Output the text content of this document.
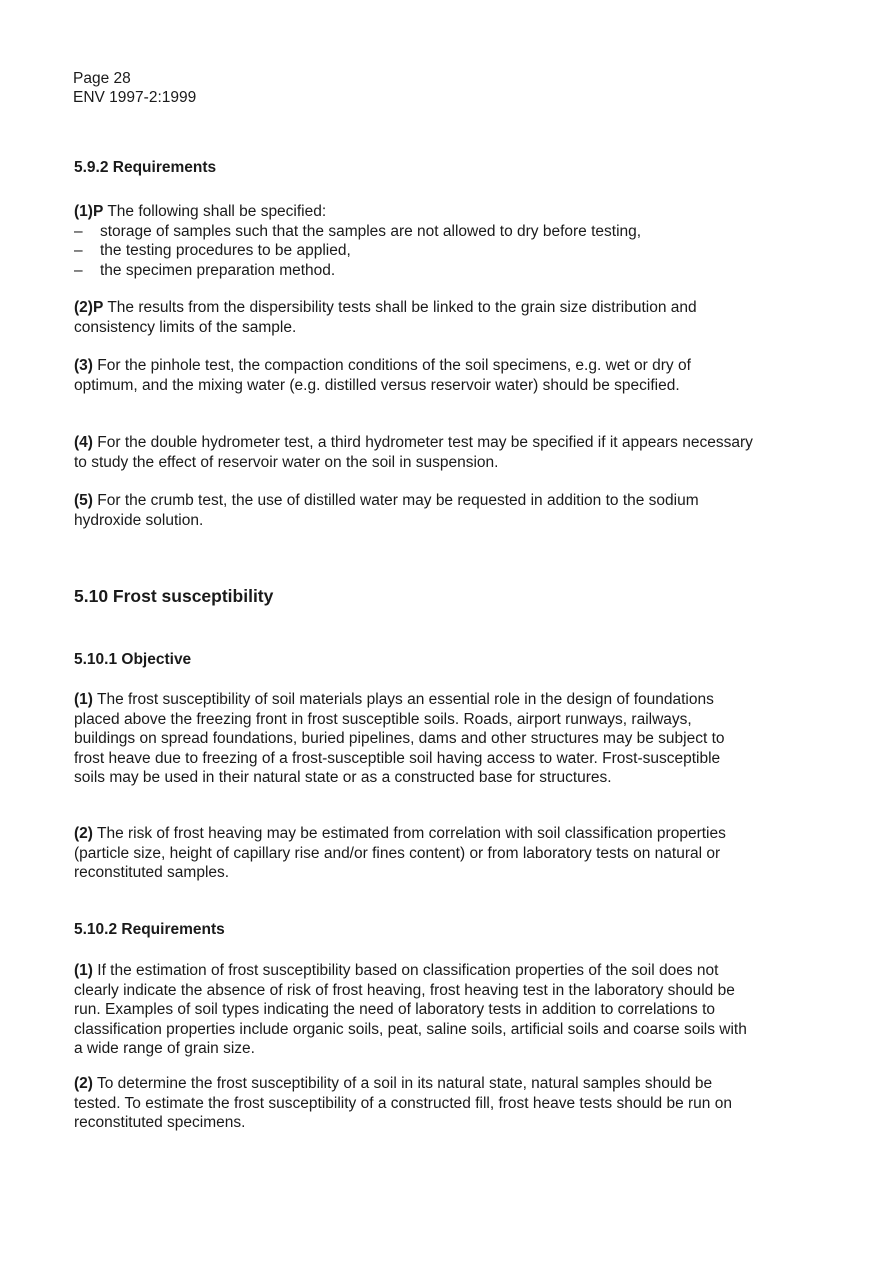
Page 28
ENV 1997-2:1999
5.9.2 Requirements

(1)P The following shall be specified:

– storage of samples such that the samples are not allowed to dry before testing,
– the testing procedures to be applied,
– the specimen preparation method.

(2)P The results from the dispersibility tests shall be linked to the grain size distribution and consistency limits of the sample.

(3) For the pinhole test, the compaction conditions of the soil specimens, e.g. wet or dry of optimum, and the mixing water (e.g. distilled versus reservoir water) should be specified.

(4) For the double hydrometer test, a third hydrometer test may be specified if it appears necessary to study the effect of reservoir water on the soil in suspension.

(5) For the crumb test, the use of distilled water may be requested in addition to the sodium hydroxide solution.

5.10 Frost susceptibility
5.10.1 Objective

(1) The frost susceptibility of soil materials plays an essential role in the design of foundations placed above the freezing front in frost susceptible soils. Roads, airport runways, railways, buildings on spread foundations, buried pipelines, dams and other structures may be subject to frost heave due to freezing of a frost-susceptible soil having access to water. Frost-susceptible soils may be used in their natural state or as a constructed base for structures.

(2) The risk of frost heaving may be estimated from correlation with soil classification properties (particle size, height of capillary rise and/or fines content) or from laboratory tests on natural or reconstituted samples.

5.10.2 Requirements

(1) If the estimation of frost susceptibility based on classification properties of the soil does not clearly indicate the absence of risk of frost heaving, frost heaving test in the laboratory should be run. Examples of soil types indicating the need of laboratory tests in addition to correlations to classification properties include organic soils, peat, saline soils, artificial soils and coarse soils with a wide range of grain size.

(2) To determine the frost susceptibility of a soil in its natural state, natural samples should be tested. To estimate the frost susceptibility of a constructed fill, frost heave tests should be run on reconstituted specimens.
